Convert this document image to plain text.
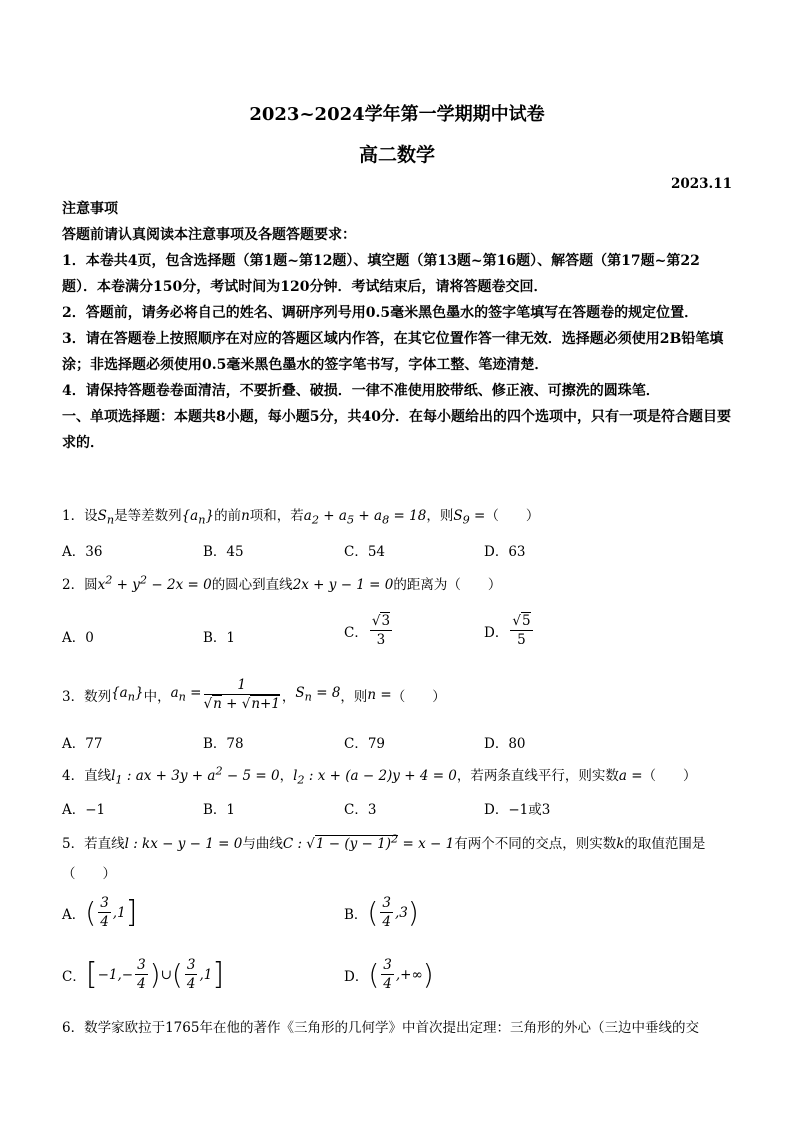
2023~2024学年第一学期期中试卷
高二数学
2023.11
注意事项
答题前请认真阅读本注意事项及各题答题要求：
1．本卷共4页，包含选择题（第1题~第12题）、填空题（第13题~第16题）、解答题（第17题~第22题）．本卷满分150分，考试时间为120分钟．考试结束后，请将答题卷交回．
2．答题前，请务必将自己的姓名、调研序列号用0.5毫米黑色墨水的签字笔填写在答题卷的规定位置．
3．请在答题卷上按照顺序在对应的答题区域内作答，在其它位置作答一律无效．选择题必须使用2B铅笔填涂；非选择题必须使用0.5毫米黑色墨水的签字笔书写，字体工整、笔迹清楚．
4．请保持答题卷卷面清洁，不要折叠、破损．一律不准使用胶带纸、修正液、可擦洗的圆珠笔．
一、单项选择题：本题共8小题，每小题5分，共40分．在每小题给出的四个选项中，只有一项是符合题目要求的．
1．设$S_n$是等差数列$\{a_n\}$的前n项和，若$a_2 + a_5 + a_8 = 18$，则$S_9$ =（　　）
A．36	B．45	C．54	D．63
2．圆$x^2 + y^2 - 2x = 0$的圆心到直线2x + y − 1 = 0的距离为（　　）
A．0	B．1	C． $\frac{√3}{3}$	D． $\frac{√5}{5}$
3．数列$\{a_n\}$中，$a_n = \frac{1}{√n + √n+1}$ ，$S_n = 8$，则n =（　　）
A．77	B．78	C．79	D．80
4．直线$l_1$ : ax + $3y + a^2 - 5 = 0$，$l_2$ : x + (a − 2)y + 4 = 0，若两条直线平行，则实数a =（　　）
A．−1	B．1	C．3	D．−1或3
5．若直线l : kx − y − 1 = 0与曲线C : $√1 - (y - 1)^2 = x - 1$有两个不同的交点，则实数k的取值范围是
（　　）
A．( $\frac{3}{4} ,1$]	B．( $\frac{3}{4} ,3$)
C．[$-1,- \frac{3}{4}$ )∪( $\frac{3}{4} ,1$]	D．( $\frac{3}{4}$ ,+∞)
6．数学家欧拉于1765年在他的著作《三角形的几何学》中首次提出定理：三角形的外心（三边中垂线的交
